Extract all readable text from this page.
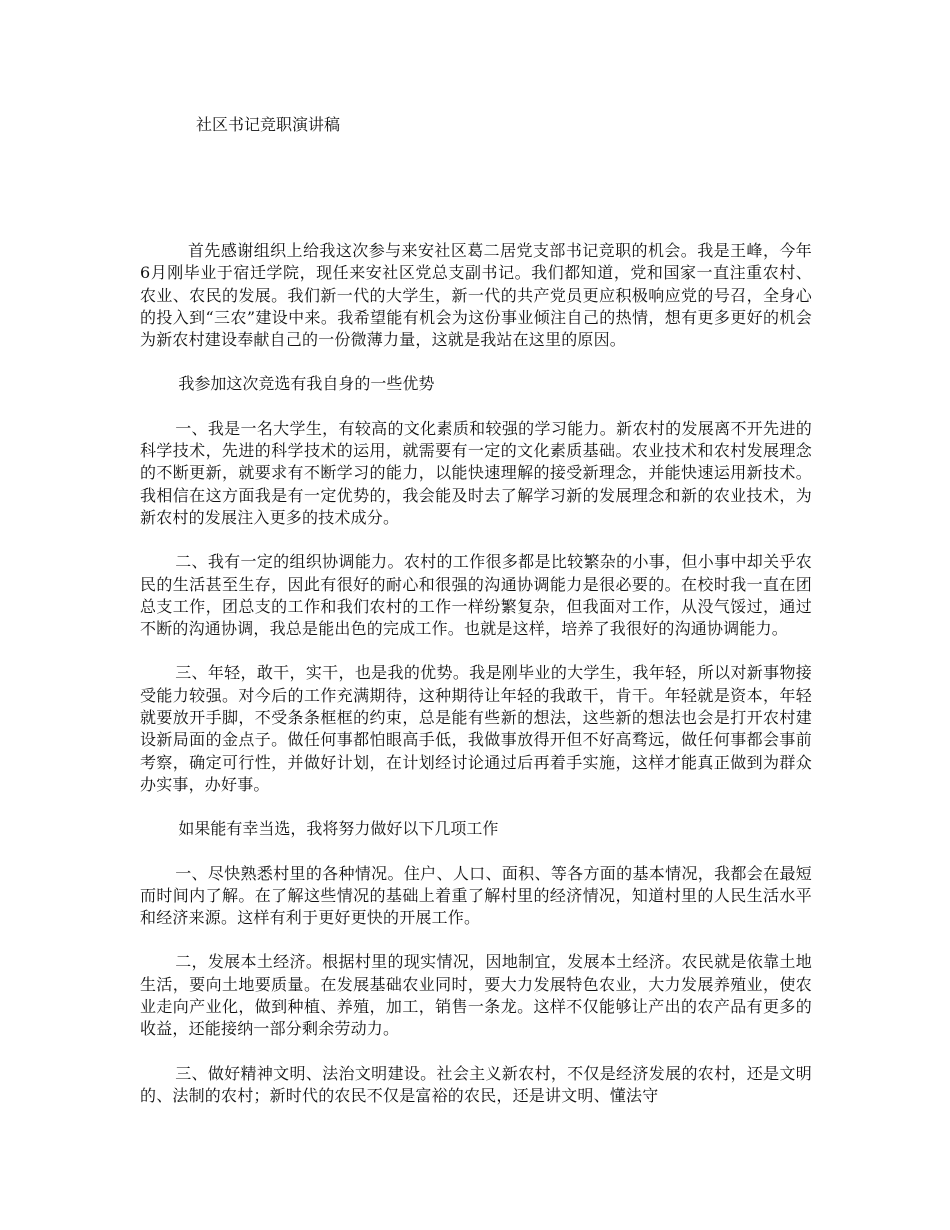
社区书记竞职演讲稿

首先感谢组织上给我这次参与来安社区葛二居党支部书记竞职的机会。我是王峰，今年6月刚毕业于宿迁学院，现任来安社区党总支副书记。我们都知道，党和国家一直注重农村、农业、农民的发展。我们新一代的大学生，新一代的共产党员更应积极响应党的号召，全身心的投入到“三农”建设中来。我希望能有机会为这份事业倾注自己的热情，想有更多更好的机会为新农村建设奉献自己的一份微薄力量，这就是我站在这里的原因。

我参加这次竞选有我自身的一些优势

一、我是一名大学生，有较高的文化素质和较强的学习能力。新农村的发展离不开先进的科学技术，先进的科学技术的运用，就需要有一定的文化素质基础。农业技术和农村发展理念的不断更新，就要求有不断学习的能力，以能快速理解的接受新理念，并能快速运用新技术。我相信在这方面我是有一定优势的，我会能及时去了解学习新的发展理念和新的农业技术，为新农村的发展注入更多的技术成分。

二、我有一定的组织协调能力。农村的工作很多都是比较繁杂的小事，但小事中却关乎农民的生活甚至生存，因此有很好的耐心和很强的沟通协调能力是很必要的。在校时我一直在团总支工作，团总支的工作和我们农村的工作一样纷繁复杂，但我面对工作，从没气馁过，通过不断的沟通协调，我总是能出色的完成工作。也就是这样，培养了我很好的沟通协调能力。

三、年轻，敢干，实干，也是我的优势。我是刚毕业的大学生，我年轻，所以对新事物接受能力较强。对今后的工作充满期待，这种期待让年轻的我敢干，肯干。年轻就是资本，年轻就要放开手脚，不受条条框框的约束，总是能有些新的想法，这些新的想法也会是打开农村建设新局面的金点子。做任何事都怕眼高手低，我做事放得开但不好高骛远，做任何事都会事前考察，确定可行性，并做好计划，在计划经讨论通过后再着手实施，这样才能真正做到为群众办实事，办好事。

如果能有幸当选，我将努力做好以下几项工作

一、尽快熟悉村里的各种情况。住户、人口、面积、等各方面的基本情况，我都会在最短而时间内了解。在了解这些情况的基础上着重了解村里的经济情况，知道村里的人民生活水平和经济来源。这样有利于更好更快的开展工作。

二，发展本土经济。根据村里的现实情况，因地制宜，发展本土经济。农民就是依靠土地生活，要向土地要质量。在发展基础农业同时，要大力发展特色农业，大力发展养殖业，使农业走向产业化，做到种植、养殖，加工，销售一条龙。这样不仅能够让产出的农产品有更多的收益，还能接纳一部分剩余劳动力。

三、做好精神文明、法治文明建设。社会主义新农村，不仅是经济发展的农村，还是文明的、法制的农村；新时代的农民不仅是富裕的农民，还是讲文明、懂法守
